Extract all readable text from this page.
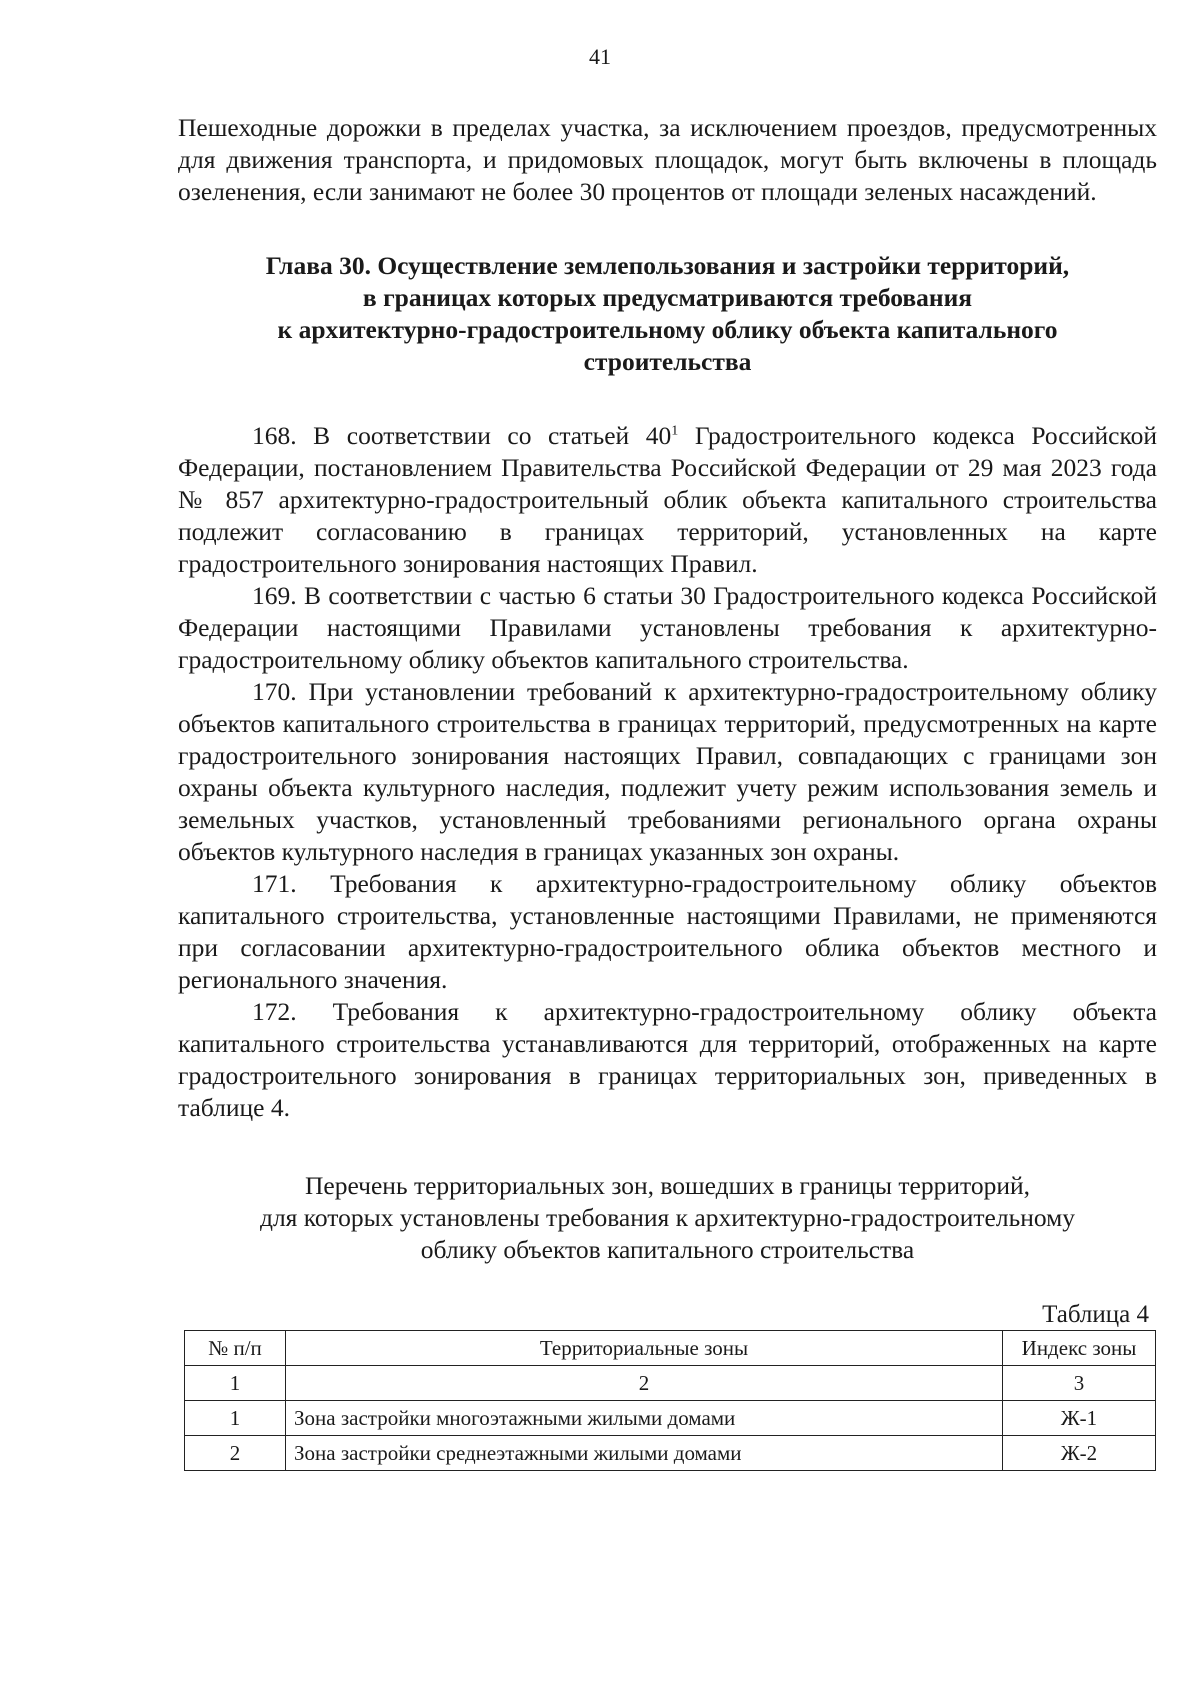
41

Пешеходные дорожки в пределах участка, за исключением проездов, предусмотренных для движения транспорта, и придомовых площадок, могут быть включены в площадь озеленения, если занимают не более 30 процентов от площади зеленых насаждений.

Глава 30. Осуществление землепользования и застройки территорий,
в границах которых предусматриваются требования
к архитектурно-градостроительному облику объекта капитального
строительства

168. В соответствии со статьей $40^1$ Градостроительного кодекса Российской Федерации, постановлением Правительства Российской Федерации от 29 мая 2023 года № 857 архитектурно-градостроительный облик объекта капитального строительства подлежит согласованию в границах территорий, установленных на карте градостроительного зонирования настоящих Правил.

169. В соответствии с частью 6 статьи 30 Градостроительного кодекса Российской Федерации настоящими Правилами установлены требования к архитектурно-градостроительному облику объектов капитального строительства.

170. При установлении требований к архитектурно-градостроительному облику объектов капитального строительства в границах территорий, предусмотренных на карте градостроительного зонирования настоящих Правил, совпадающих с границами зон охраны объекта культурного наследия, подлежит учету режим использования земель и земельных участков, установленный требованиями регионального органа охраны объектов культурного наследия в границах указанных зон охраны.

171. Требования к архитектурно-градостроительному облику объектов капитального строительства, установленные настоящими Правилами, не применяются при согласовании архитектурно-градостроительного облика объектов местного и регионального значения.

172. Требования к архитектурно-градостроительному облику объекта капитального строительства устанавливаются для территорий, отображенных на карте градостроительного зонирования в границах территориальных зон, приведенных в таблице 4.

Перечень территориальных зон, вошедших в границы территорий,
для которых установлены требования к архитектурно-градостроительному
облику объектов капитального строительства
Таблица 4
№ п/п	Территориальные зоны	Индекс зоны
1	2	3
1	Зона застройки многоэтажными жилыми домами	Ж-1
2	Зона застройки среднеэтажными жилыми домами	Ж-2
